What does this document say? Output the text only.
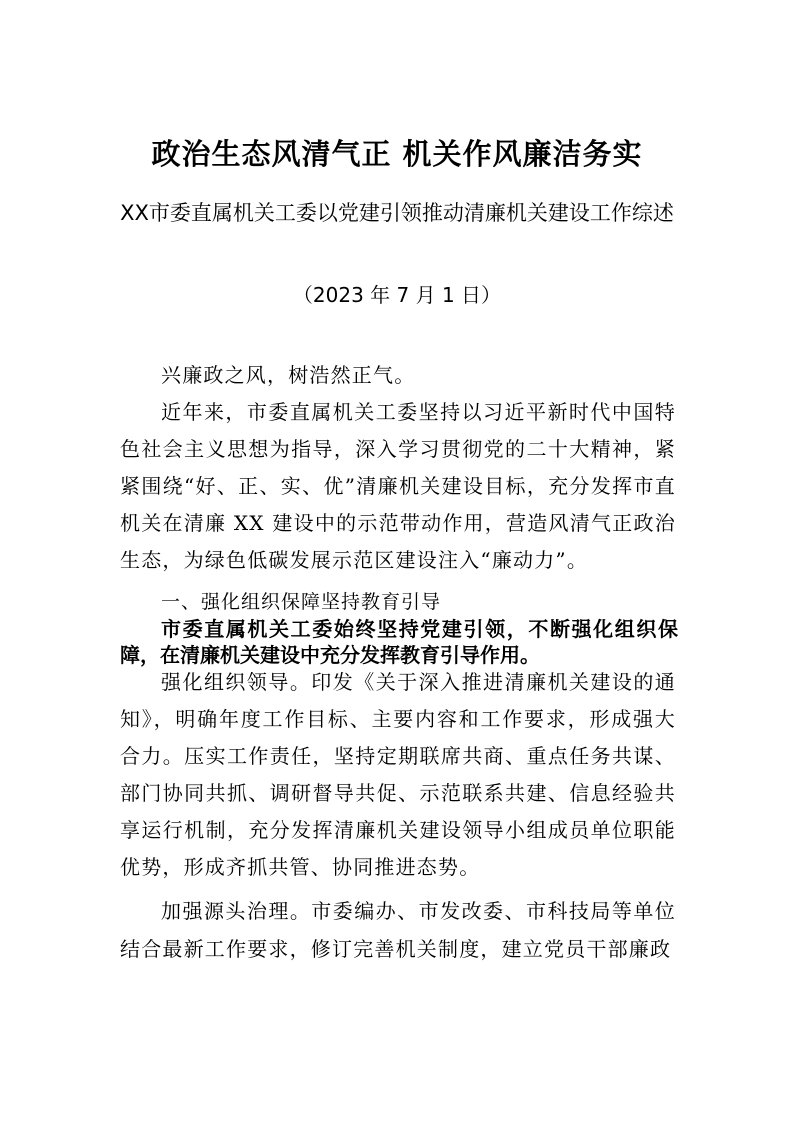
政治生态风清气正 机关作风廉洁务实
XX市委直属机关工委以党建引领推动清廉机关建设工作综述
（2023 年 7 月 1 日）

兴廉政之风，树浩然正气。

近年来，市委直属机关工委坚持以习近平新时代中国特色社会主义思想为指导，深入学习贯彻党的二十大精神，紧紧围绕“好、正、实、优”清廉机关建设目标，充分发挥市直机关在清廉 XX 建设中的示范带动作用，营造风清气正政治生态，为绿色低碳发展示范区建设注入“廉动力”。

一、强化组织保障坚持教育引导

市委直属机关工委始终坚持党建引领，不断强化组织保障，在清廉机关建设中充分发挥教育引导作用。

强化组织领导。印发《关于深入推进清廉机关建设的通知》，明确年度工作目标、主要内容和工作要求，形成强大合力。压实工作责任，坚持定期联席共商、重点任务共谋、部门协同共抓、调研督导共促、示范联系共建、信息经验共享运行机制，充分发挥清廉机关建设领导小组成员单位职能优势，形成齐抓共管、协同推进态势。

加强源头治理。市委编办、市发改委、市科技局等单位结合最新工作要求，修订完善机关制度，建立党员干部廉政
